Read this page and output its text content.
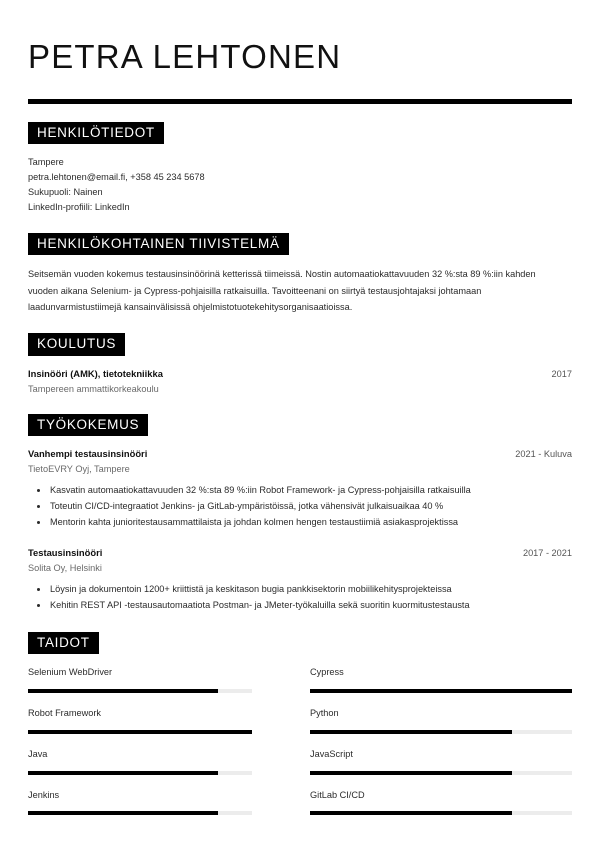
PETRA LEHTONEN
HENKILÖTIEDOT
Tampere
petra.lehtonen@email.fi, +358 45 234 5678
Sukupuoli: Nainen
LinkedIn-profiili: LinkedIn
HENKILÖKOHTAINEN TIIVISTELMÄ

Seitsemän vuoden kokemus testausinsinöörinä ketterissä tiimeissä. Nostin automaatiokattavuuden 32 %:sta 89 %:iin kahden vuoden aikana Selenium- ja Cypress-pohjaisilla ratkaisuilla. Tavoitteenani on siirtyä testausjohtajaksi johtamaan laadunvarmistustiimejä kansainvälisissä ohjelmistotuotekehitysorganisaatioissa.

KOULUTUS
Insinööri (AMK), tietotekniikka	2017
Tampereen ammattikorkeakoulu
TYÖKOKEMUS
Vanhempi testausinsinööri	2021 - Kuluva
TietoEVRY Oyj, Tampere
Kasvatin automaatiokattavuuden 32 %:sta 89 %:iin Robot Framework- ja Cypress-pohjaisilla ratkaisuilla
Toteutin CI/CD-integraatiot Jenkins- ja GitLab-ympäristöissä, jotka vähensivät julkaisuaikaa 40 %
Mentorin kahta junioritestausammattilaista ja johdan kolmen hengen testaustiimiä asiakasprojektissa
Testausinsinööri	2017 - 2021
Solita Oy, Helsinki
Löysin ja dokumentoin 1200+ kriittistä ja keskitason bugia pankkisektorin mobiilikehitysprojekteissa
Kehitin REST API -testausautomaatiota Postman- ja JMeter-työkaluilla sekä suoritin kuormitustestausta
TAIDOT
Selenium WebDriver	Cypress
Robot Framework	Python
Java	JavaScript
Jenkins	GitLab CI/CD
